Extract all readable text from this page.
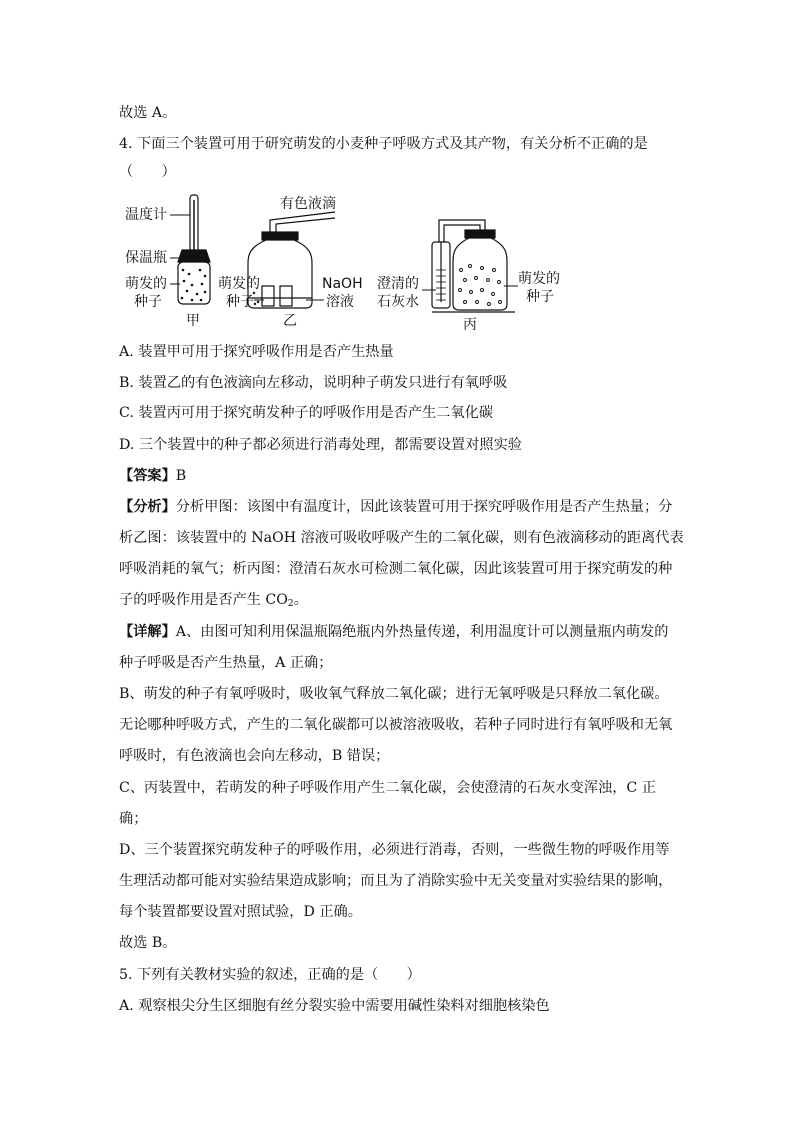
故选 A。
4. 下面三个装置可用于研究萌发的小麦种子呼吸方式及其产物，有关分析不正确的是
（　　）
温度计
保温瓶
萌发的
种子
甲
有色液滴
萌发的
种子
NaOH
溶液
乙
澄清的
石灰水
萌发的
种子
丙
A. 装置甲可用于探究呼吸作用是否产生热量
B. 装置乙的有色液滴向左移动，说明种子萌发只进行有氧呼吸
C. 装置丙可用于探究萌发种子的呼吸作用是否产生二氧化碳
D. 三个装置中的种子都必须进行消毒处理，都需要设置对照实验
【答案】B
【分析】分析甲图：该图中有温度计，因此该装置可用于探究呼吸作用是否产生热量；分
析乙图：该装置中的 NaOH 溶液可吸收呼吸产生的二氧化碳，则有色液滴移动的距离代表
呼吸消耗的氧气；析丙图：澄清石灰水可检测二氧化碳，因此该装置可用于探究萌发的种
子的呼吸作用是否产生 $CO_2$。
【详解】A、由图可知利用保温瓶隔绝瓶内外热量传递，利用温度计可以测量瓶内萌发的
种子呼吸是否产生热量，A 正确；
B、萌发的种子有氧呼吸时，吸收氧气释放二氧化碳；进行无氧呼吸是只释放二氧化碳。
无论哪种呼吸方式，产生的二氧化碳都可以被溶液吸收，若种子同时进行有氧呼吸和无氧
呼吸时，有色液滴也会向左移动，B 错误；
C、丙装置中，若萌发的种子呼吸作用产生二氧化碳，会使澄清的石灰水变浑浊，C 正
确；
D、三个装置探究萌发种子的呼吸作用，必须进行消毒，否则，一些微生物的呼吸作用等
生理活动都可能对实验结果造成影响；而且为了消除实验中无关变量对实验结果的影响，
每个装置都要设置对照试验，D 正确。
故选 B。
5. 下列有关教材实验的叙述，正确的是（　　）
A. 观察根尖分生区细胞有丝分裂实验中需要用碱性染料对细胞核染色
